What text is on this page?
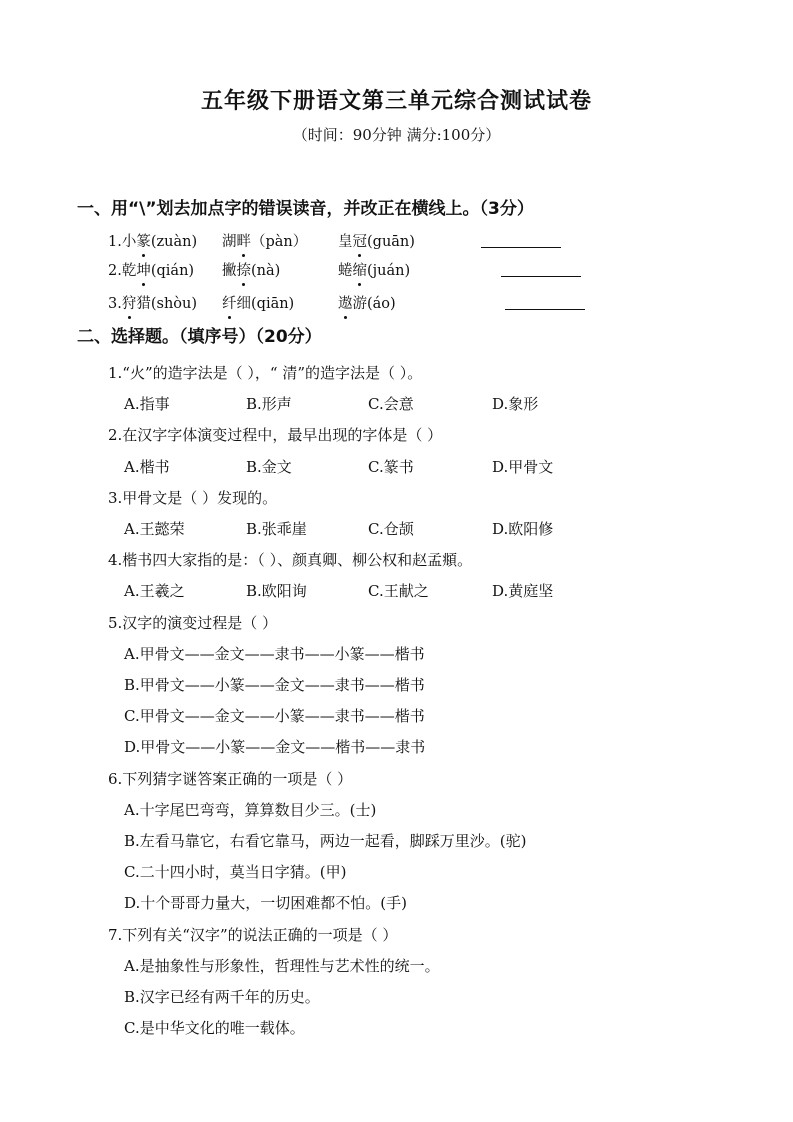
五年级下册语文第三单元综合测试试卷
（时间：90分钟 满分:100分）
一、用“\”划去加点字的错误读音，并改正在横线上。（3分）
1.小篆(zuàn) 湖畔（pàn） 皇冠(guān)
2.乾坤(qián) 撇捺(nà)	蜷缩(juán)
3.狩猎(shòu) 纤细(qiān)	遨游(áo)
二、选择题。（填序号）（20分）
1.“火”的造字法是（ ），“ 清”的造字法是（ ）。
A.指事	B.形声	C.会意	D.象形
2.在汉字字体演变过程中，最早出现的字体是（ ）
A.楷书	B.金文	C.篆书	D.甲骨文
3.甲骨文是（ ）发现的。
A.王懿荣	B.张乖崖	C.仓颉	D.欧阳修
4.楷书四大家指的是：（ ）、颜真卿、柳公权和赵孟頫。
A.王羲之	B.欧阳询	C.王献之	D.黄庭坚
5.汉字的演变过程是（ ）
A.甲骨文——金文——隶书——小篆——楷书
B.甲骨文——小篆——金文——隶书——楷书
C.甲骨文——金文——小篆——隶书——楷书
D.甲骨文——小篆——金文——楷书——隶书
6.下列猜字谜答案正确的一项是（ ）
A.十字尾巴弯弯，算算数目少三。(士)
B.左看马靠它，右看它靠马，两边一起看，脚踩万里沙。(驼)
C.二十四小时，莫当日字猜。(甲)
D.十个哥哥力量大，一切困难都不怕。(手)
7.下列有关“汉字”的说法正确的一项是（ ）
A.是抽象性与形象性，哲理性与艺术性的统一。
B.汉字已经有两千年的历史。
C.是中华文化的唯一载体。
